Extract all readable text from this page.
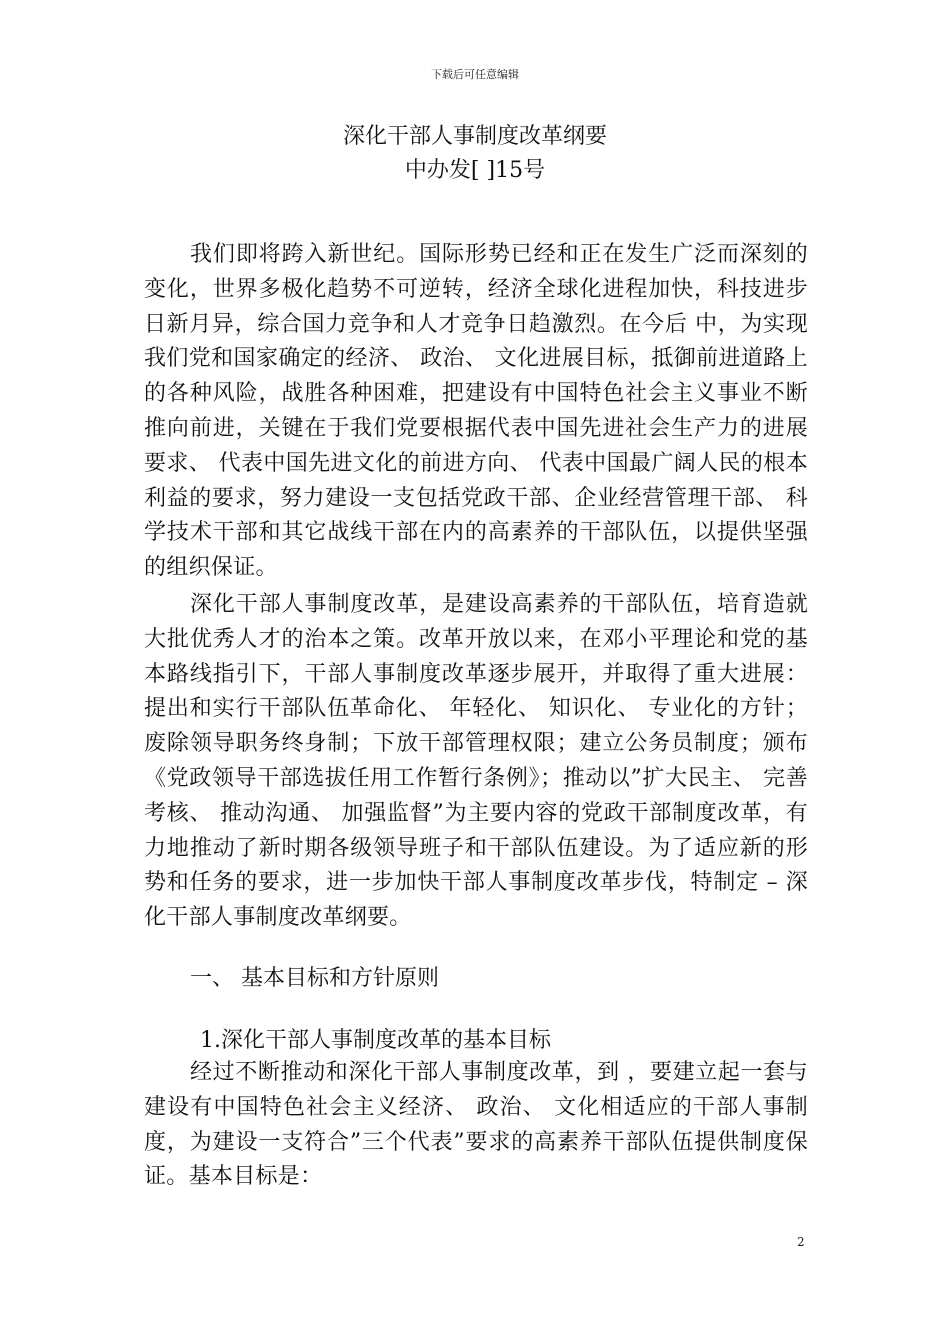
下载后可任意编辑
深化干部人事制度改革纲要
中办发[ ]15号

我们即将跨入新世纪。国际形势已经和正在发生广泛而深刻的变化，世界多极化趋势不可逆转，经济全球化进程加快，科技进步日新月异，综合国力竞争和人才竞争日趋激烈。在今后 中，为实现我们党和国家确定的经济、 政治、 文化进展目标，抵御前进道路上的各种风险，战胜各种困难，把建设有中国特色社会主义事业不断推向前进，关键在于我们党要根据代表中国先进社会生产力的进展要求、 代表中国先进文化的前进方向、 代表中国最广阔人民的根本利益的要求，努力建设一支包括党政干部、企业经营管理干部、 科学技术干部和其它战线干部在内的高素养的干部队伍，以提供坚强的组织保证。

深化干部人事制度改革，是建设高素养的干部队伍，培育造就大批优秀人才的治本之策。改革开放以来，在邓小平理论和党的基本路线指引下，干部人事制度改革逐步展开，并取得了重大进展：提出和实行干部队伍革命化、 年轻化、 知识化、 专业化的方针；废除领导职务终身制；下放干部管理权限；建立公务员制度；颁布《党政领导干部选拔任用工作暂行条例》；推动以”扩大民主、 完善考核、 推动沟通、 加强监督”为主要内容的党政干部制度改革，有力地推动了新时期各级领导班子和干部队伍建设。为了适应新的形势和任务的要求，进一步加快干部人事制度改革步伐，特制定 – 深化干部人事制度改革纲要。

一、 基本目标和方针原则
1.深化干部人事制度改革的基本目标

经过不断推动和深化干部人事制度改革，到 ，要建立起一套与建设有中国特色社会主义经济、 政治、 文化相适应的干部人事制度，为建设一支符合”三个代表”要求的高素养干部队伍提供制度保证。基本目标是：

2
